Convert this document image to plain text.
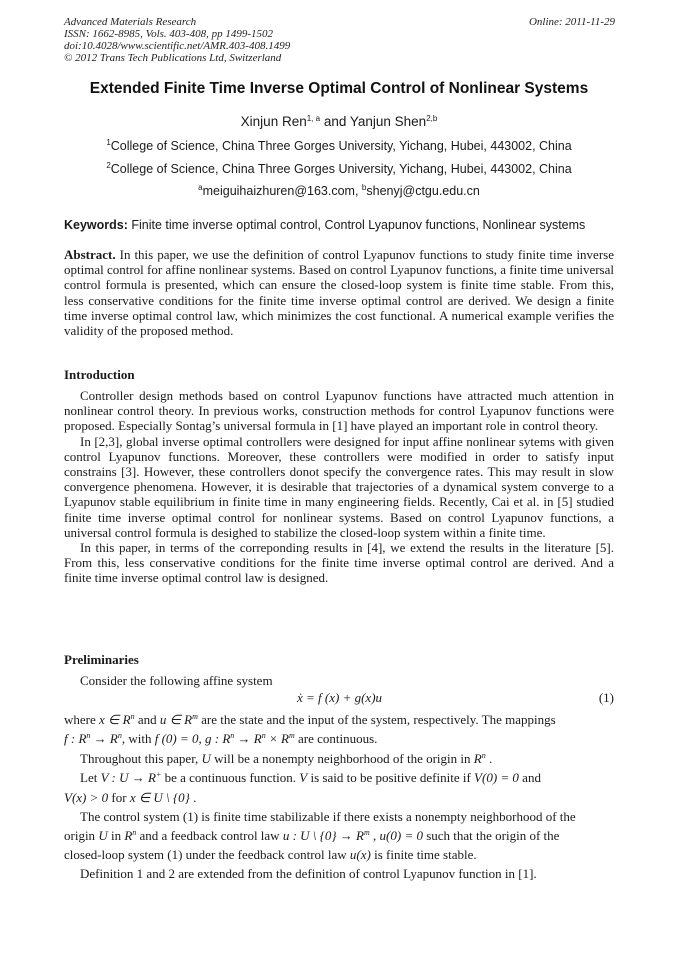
Advanced Materials Research
ISSN: 1662-8985, Vols. 403-408, pp 1499-1502
doi:10.4028/www.scientific.net/AMR.403-408.1499
© 2012 Trans Tech Publications Ltd, Switzerland
Online: 2011-11-29
Extended Finite Time Inverse Optimal Control of Nonlinear Systems
Xinjun Ren$^{1, a}$ and Yanjun Shen$^{2,b}$
$^1$College of Science, China Three Gorges University, Yichang, Hubei, 443002, China
$^2$College of Science, China Three Gorges University, Yichang, Hubei, 443002, China
$^a$meiguihaizhuren@163.com, $^b$shenyj@ctgu.edu.cn
Keywords: Finite time inverse optimal control, Control Lyapunov functions, Nonlinear systems

Abstract. In this paper, we use the definition of control Lyapunov functions to study finite time inverse optimal control for affine nonlinear systems. Based on control Lyapunov functions, a finite time universal control formula is presented, which can ensure the closed-loop system is finite time stable. From this, less conservative conditions for the finite time inverse optimal control are derived. We design a finite time inverse optimal control law, which minimizes the cost functional. A numerical example verifies the validity of the proposed method.

Introduction

Controller design methods based on control Lyapunov functions have attracted much attention in nonlinear control theory. In previous works, construction methods for control Lyapunov functions were proposed. Especially Sontag’s universal formula in [1] have played an important role in control theory.

In [2,3], global inverse optimal controllers were designed for input affine nonlinear sytems with given control Lyapunov functions. Moreover, these controllers were modified in order to satisfy input constrains [3]. However, these controllers donot specify the convergence rates. This may result in slow convergence phenomena. However, it is desirable that trajectories of a dynamical system converge to a Lyapunov stable equilibrium in finite time in many engineering fields. Recently, Cai et al. in [5] studied finite time inverse optimal control for nonlinear systems. Based on control Lyapunov functions, a universal control formula is desighed to stabilize the closed-loop system within a finite time.

In this paper, in terms of the correponding results in [4], we extend the results in the literature [5]. From this, less conservative conditions for the finite time inverse optimal control are derived. And a finite time inverse optimal control law is designed.

Preliminaries
Consider the following affine system
ẋ = f (x) + g(x)u	(1)
where x ∈ $R^n$ and u ∈ $R^m$ are the state and the input of the system, respectively. The mappings
f : $R^n \to R^n$, with f (0) = 0, g : $R^n \to R^n \times R^m$ are continuous.
Throughout this paper, U will be a nonempty neighborhood of the origin in $R^n$ .
Let V : U → R+ be a continuous function. V is said to be positive definite if V(0) = 0 and
V(x) > 0 for x ∈ U \ {0} .
The control system (1) is finite time stabilizable if there exists a nonempty neighborhood of the
origin U in $R^n$ and a feedback control law u : U \ $\{0\} \to R^m$ , u(0) = 0 such that the origin of the
closed-loop system (1) under the feedback control law u(x) is finite time stable.
Definition 1 and 2 are extended from the definition of control Lyapunov function in [1].
